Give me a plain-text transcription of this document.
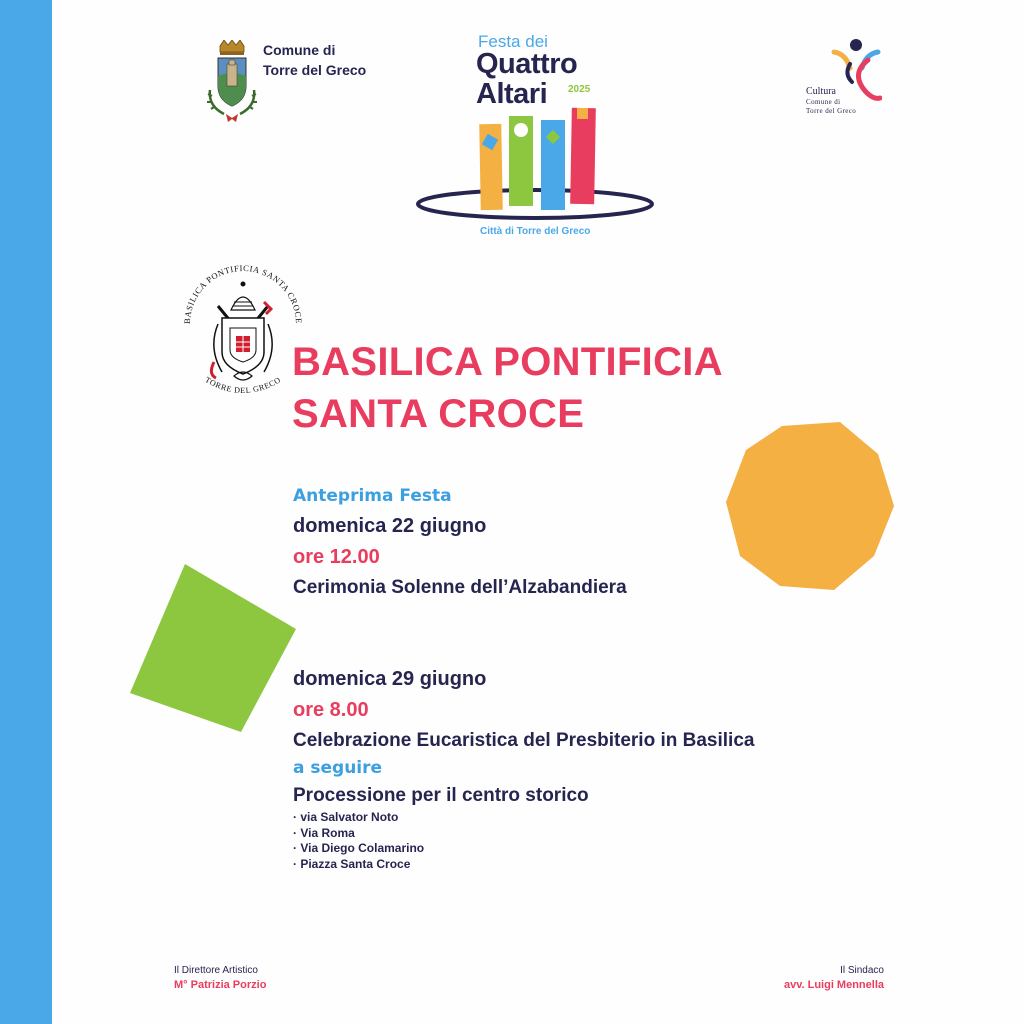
Comune di
Torre del Greco
Festa dei
Quattro
Altari 2025
Città di Torre del Greco
Cultura
Comune di
Torre del Greco
BASILICA PONTIFICIA SANTA CROCE
TORRE DEL GRECO BASILICA PONTIFICIA
SANTA CROCE

Anteprima Festa

domenica 22 giugno

ore 12.00

Cerimonia Solenne dell’Alzabandiera

domenica 29 giugno

ore 8.00

Celebrazione Eucaristica del Presbiterio in Basilica

a seguire

Processione per il centro storico

· via Salvator Noto
· Via Roma
· Via Diego Colamarino
· Piazza Santa Croce
Il Direttore Artistico
M° Patrizia Porzio
Il Sindaco
avv. Luigi Mennella
